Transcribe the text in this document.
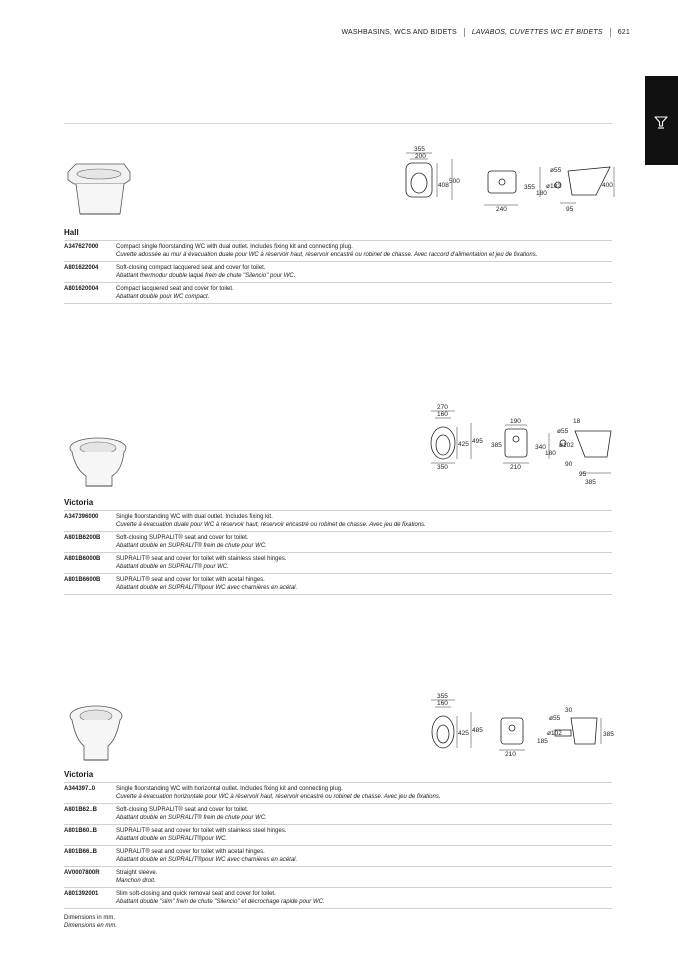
WASHBASINS, WCS AND BIDETS LAVABOS, CUVETTES WC ET BIDETS 621
355
200
408
500
240
ø55
355 ø102
180
400
95
Hall
A347627000	Compact single floorstanding WC with dual outlet. Includes fixing kit and connecting plug.
Cuvette adossée au mur à évacuation duale pour WC à réservoir haut, réservoir encastré ou robinet de chasse. Avec raccord d'alimentation et jeu de fixations.
A801622004	Soft-closing compact lacquered seat and cover for toilet.
Abattant thermodur double laqué frein de chute "Silencio" pour WC.
A801620004	Compact lacquered seat and cover for toilet.
Abattant double pour WC compact.
270
160
425 495
350
190
385
210
18
ø55
340 ø102
180
90
95
385
Victoria
A347396000	Single floorstanding WC with dual outlet. Includes fixing kit.
Cuvette à évacuation duale pour WC à réservoir haut, réservoir encastré ou robinet de chasse. Avec jeu de fixations.
A801B6200B	Soft-closing SUPRALIT® seat and cover for toilet.
Abattant double en SUPRALIT® frein de chute pour WC.
A801B6000B	SUPRALIT® seat and cover for toilet with stainless steel hinges.
Abattant double en SUPRALIT® pour WC.
A801B6600B	SUPRALIT® seat and cover for toilet with acetal hinges.
Abattant double en SUPRALIT®pour WC avec charnières en acétal.
355
160
425 485
210
30
ø55
ø102
185
385
Victoria
A344397..0	Single floorstanding WC with horizontal outlet. Includes fixing kit and connecting plug.
Cuvette à évacuation horizontale pour WC à réservoir haut, réservoir encastré ou robinet de chasse. Avec jeu de fixations.
A801B62..B	Soft-closing SUPRALIT® seat and cover for toilet.
Abattant double en SUPRALIT® frein de chute pour WC.
A801B60..B	SUPRALIT® seat and cover for toilet with stainless steel hinges.
Abattant double en SUPRALIT®pour WC.
A801B66..B	SUPRALIT® seat and cover for toilet with acetal hinges.
Abattant double en SUPRALIT®pour WC avec charnières en acétal.
AV0007800R	Straight sleeve.
Manchon droit.
A801392001	Slim soft-closing and quick removal seat and cover for toilet.
Abattant double "slim" frein de chute "Silencio" et décrochage rapide pour WC.
Dimensions in mm.
Dimensions en mm.
